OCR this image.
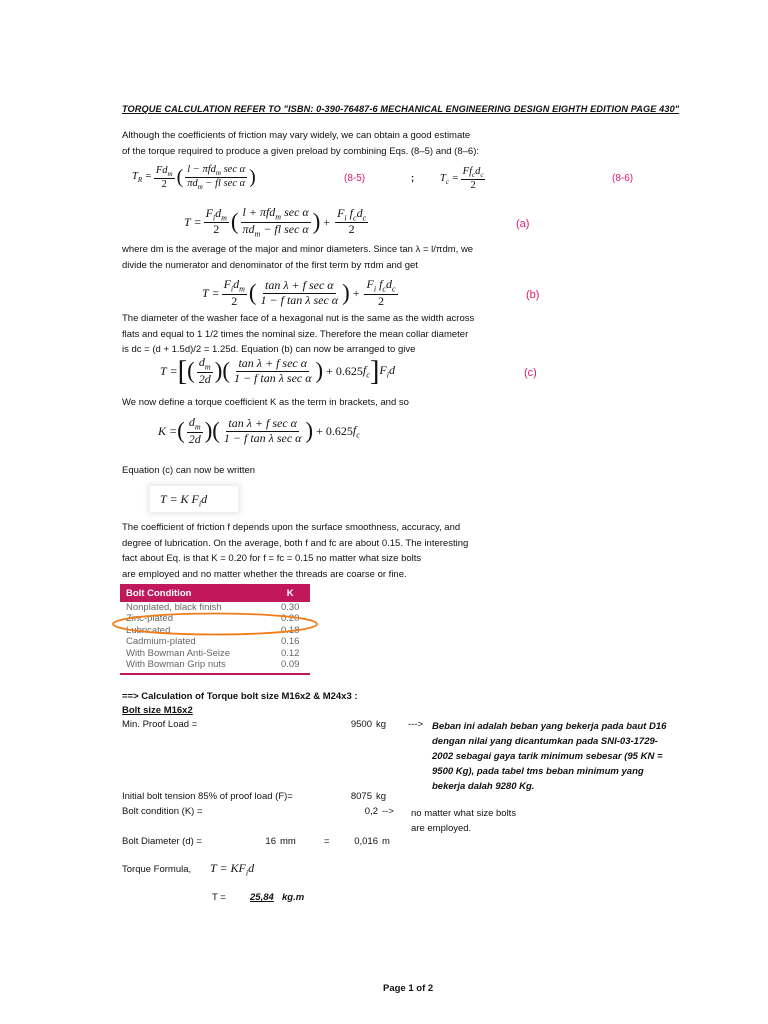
TORQUE CALCULATION REFER TO "ISBN: 0-390-76487-6 MECHANICAL ENGINEERING DESIGN EIGHTH EDITION PAGE 430"
Although the coefficients of friction may vary widely, we can obtain a good estimate
of the torque required to produce a given preload by combining Eqs. (8–5) and (8–6):
$T_R = \frac{Fd_m}{2}$ ( $\frac{l - \pi fd_m \sec \alpha}{\pi d_m - fl \sec \alpha}$ )	(8-5)	; $T_c = \frac{Ff_cd_c}{2}$	(8-6)
$T = \frac{F_id_m}{2}$ ( $\frac{l + \pi fd_m \sec \alpha}{\pi d_m - fl \sec \alpha}$ ) + $\frac{F_i f_cd_c}{2}$	(a)
where dm is the average of the major and minor diameters. Since tan λ = l/πdm, we
divide the numerator and denominator of the first term by πdm and get
$T = \frac{F_id_m}{2}$ ( $\frac{\text{tan λ + f sec α}}{\text{1 − f tan λ sec α}}$ ) + $\frac{F_i f_cd_c}{2}$	(b)
The diameter of the washer face of a hexagonal nut is the same as the width across
flats and equal to 1 1/2 times the nominal size. Therefore the mean collar diameter
is dc = (d + 1.5d)/2 = 1.25d. Equation (b) can now be arranged to give
T = [ ( $\frac{d_m}{2d}$ ) ( $\frac{\text{tan λ + f sec α}}{\text{1 − f tan λ sec α}}$ ) + 0.625 $f_c$ ] $F_id$	(c)
We now define a torque coefficient K as the term in brackets, and so
K = ( $\frac{d_m}{2d}$ ) ( $\frac{\text{tan λ + f sec α}}{\text{1 − f tan λ sec α}}$ ) + 0.625 $f_c$
Equation (c) can now be written
T = K $F_id$
The coefficient of friction f depends upon the surface smoothness, accuracy, and
degree of lubrication. On the average, both f and fc are about 0.15. The interesting
fact about Eq. is that K = 0.20 for f = fc = 0.15 no matter what size bolts
are employed and no matter whether the threads are coarse or fine.
Bolt Condition	K
Nonplated, black finish	0.30
Zinc-plated	0.20
Lubricated	0.18
Cadmium-plated	0.16
With Bowman Anti-Seize	0.12
With Bowman Grip nuts	0.09
==> Calculation of Torque bolt size M16x2 & M24x3 :
Bolt size M16x2
Min. Proof Load =	9500 kg ---> Beban ini adalah beban yang bekerja pada baut D16
dengan nilai yang dicantumkan pada SNI-03-1729-
2002 sebagai gaya tarik minimum sebesar (95 KN =
9500 Kg), pada tabel tms beban minimum yang
bekerja dalah 9280 Kg.
Initial bolt tension 85% of proof load (F)=	8075 kg
Bolt condition (K) =	0,2 --> no matter what size bolts
are employed.
Bolt Diameter (d) =	16 mm	=	0,016 m
Torque Formula, $T = KF_id$
T =	25,84 kg.m
Page 1 of 2
